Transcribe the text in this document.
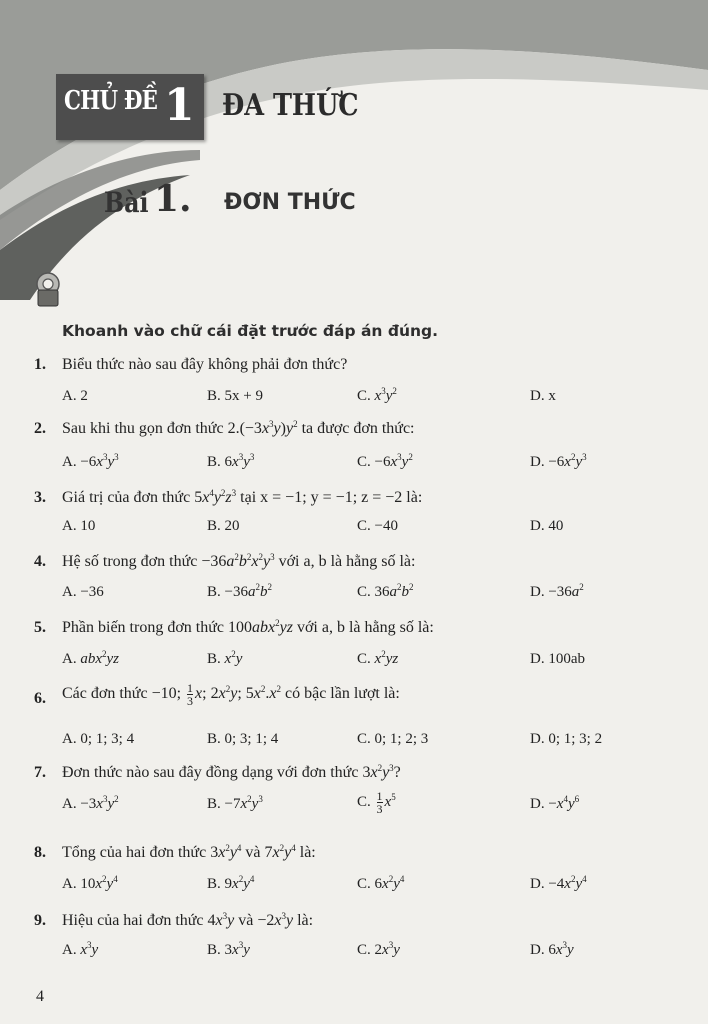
CHỦ ĐỀ 1 ĐA THỨC
Bài 1. ĐƠN THỨC
Khoanh vào chữ cái đặt trước đáp án đúng.
1. Biểu thức nào sau đây không phải đơn thức?
A. 2	B. 5x + 9	C. $x^3y^2$	D. x
2. Sau khi thu gọn đơn thức $2.(-3x^3y)y^2$ ta được đơn thức:
A. $-6x^3y^3$	B. $6x^3y^3$	C. $-6x^3y^2$	D. $-6x^2y^3$
3. Giá trị của đơn thức $5x^4y^2z^3$ tại x = −1; y = −1; z = −2 là:
A. 10	B. 20	C. −40	D. 40
4. Hệ số trong đơn thức $-36a^2b^2x^2y^3$ với a, b là hằng số là:
A. −36	B. $-36a^2b^2$	C. $36a^2b^2$	D. $-36a^2$
5. Phần biến trong đơn thức 100abx$^2$yz với a, b là hằng số là:
A. abx$^2$yz	B. $x^2y$	C. $x^2yz$	D. 100ab
6. Các đơn thức −10; $\frac{1}{3} x$; $2x^2y$; $5x^2.x^2$ có bậc lần lượt là:
A. 0; 1; 3; 4	B. 0; 3; 1; 4	C. 0; 1; 2; 3	D. 0; 1; 3; 2
7. Đơn thức nào sau đây đồng dạng với đơn thức $3x^2y^3$?
A. $-3x^3y^2$	B. $-7x^2y^3$	C. $\frac{1}{3} x^5$	D. $-x^4y^6$
8. Tổng của hai đơn thức $3x^2y^4$ và $7x^2y^4$ là:
A. $10x^2y^4$	B. $9x^2y^4$	C. $6x^2y^4$	D. $-4x^2y^4$
9. Hiệu của hai đơn thức $4x^3y$ và $-2x^3y$ là:
A. $x^3y$	B. $3x^3y$	C. $2x^3y$	D. $6x^3y$
4
